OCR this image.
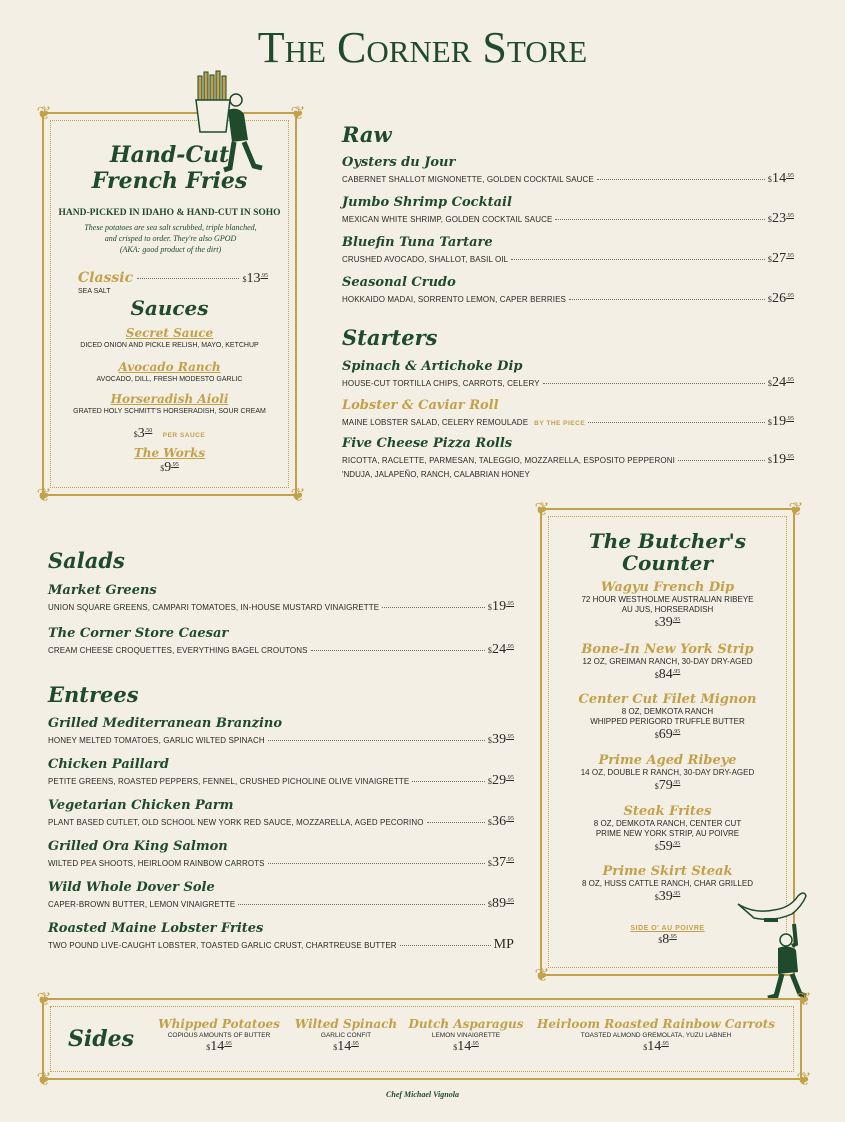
The Corner Store
❦	❦
❦	❦
Hand-Cut
French Fries
HAND-PICKED IN IDAHO & HAND-CUT IN SOHO
These potatoes are sea salt scrubbed, triple blanched,
and crisped to order. They're also GPOD
(AKA: good product of the dirt)
Classic	$\$13^{.95}$
SEA SALT
Sauces
Secret Sauce
DICED ONION AND PICKLE RELISH, MAYO, KETCHUP
Avocado Ranch
AVOCADO, DILL, FRESH MODESTO GARLIC
Horseradish Aioli
GRATED HOLY SCHMITT'S HORSERADISH, SOUR CREAM
$\$3^{.50}$ PER SAUCE
The Works
$\$9^{.95}$
Raw
Oysters du Jour
CABERNET SHALLOT MIGNONETTE, GOLDEN COCKTAIL SAUCE	$\$14^{.95}$
Jumbo Shrimp Cocktail
MEXICAN WHITE SHRIMP, GOLDEN COCKTAIL SAUCE	$\$23^{.95}$
Bluefin Tuna Tartare
CRUSHED AVOCADO, SHALLOT, BASIL OIL	$\$27^{.95}$
Seasonal Crudo
HOKKAIDO MADAI, SORRENTO LEMON, CAPER BERRIES	$\$26^{.95}$
Starters
Spinach & Artichoke Dip
HOUSE-CUT TORTILLA CHIPS, CARROTS, CELERY	$\$24^{.95}$
Lobster & Caviar Roll
MAINE LOBSTER SALAD, CELERY REMOULADE BY THE PIECE	$\$19^{.95}$
Five Cheese Pizza Rolls
RICOTTA, RACLETTE, PARMESAN, TALEGGIO, MOZZARELLA, ESPOSITO PEPPERONI	$\$19^{.95}$
'NDUJA, JALAPEÑO, RANCH, CALABRIAN HONEY
Salads
Market Greens
UNION SQUARE GREENS, CAMPARI TOMATOES, IN-HOUSE MUSTARD VINAIGRETTE	$\$19^{.95}$
The Corner Store Caesar
CREAM CHEESE CROQUETTES, EVERYTHING BAGEL CROUTONS	$\$24^{.95}$
Entrees
Grilled Mediterranean Branzino
HONEY MELTED TOMATOES, GARLIC WILTED SPINACH	$\$39^{.95}$
Chicken Paillard
PETITE GREENS, ROASTED PEPPERS, FENNEL, CRUSHED PICHOLINE OLIVE VINAIGRETTE	$\$29^{.95}$
Vegetarian Chicken Parm
PLANT BASED CUTLET, OLD SCHOOL NEW YORK RED SAUCE, MOZZARELLA, AGED PECORINO	$\$36^{.95}$
Grilled Ora King Salmon
WILTED PEA SHOOTS, HEIRLOOM RAINBOW CARROTS	$\$37^{.95}$
Wild Whole Dover Sole
CAPER-BROWN BUTTER, LEMON VINAIGRETTE	$\$89^{.95}$
Roasted Maine Lobster Frites
TWO POUND LIVE-CAUGHT LOBSTER, TOASTED GARLIC CRUST, CHARTREUSE BUTTER	MP
❦	❦
❦
The Butcher's
Counter
Wagyu French Dip
72 HOUR WESTHOLME AUSTRALIAN RIBEYE
AU JUS, HORSERADISH
$\$39^{.95}$
Bone-In New York Strip
12 OZ, GREIMAN RANCH, 30-DAY DRY-AGED
$\$84^{.95}$
Center Cut Filet Mignon
8 OZ, DEMKOTA RANCH
WHIPPED PERIGORD TRUFFLE BUTTER
$\$69^{.95}$
Prime Aged Ribeye
14 OZ, DOUBLE R RANCH, 30-DAY DRY-AGED
$\$79^{.95}$
Steak Frites
8 OZ, DEMKOTA RANCH, CENTER CUT
PRIME NEW YORK STRIP, AU POIVRE
$\$59^{.95}$
Prime Skirt Steak
8 OZ, HUSS CATTLE RANCH, CHAR GRILLED
$\$39^{.95}$
SIDE O' AU POIVRE
$\$8^{.95}$
❦	❦
❦	❦
Sides
Whipped Potatoes
COPIOUS AMOUNTS OF BUTTER
$\$14^{.95}$
Wilted Spinach
GARLIC CONFIT
$\$14^{.95}$
Dutch Asparagus
LEMON VINAIGRETTE
$\$14^{.95}$
Heirloom Roasted Rainbow Carrots
TOASTED ALMOND GREMOLATA, YUZU LABNEH
$\$14^{.95}$
Chef Michael Vignola
